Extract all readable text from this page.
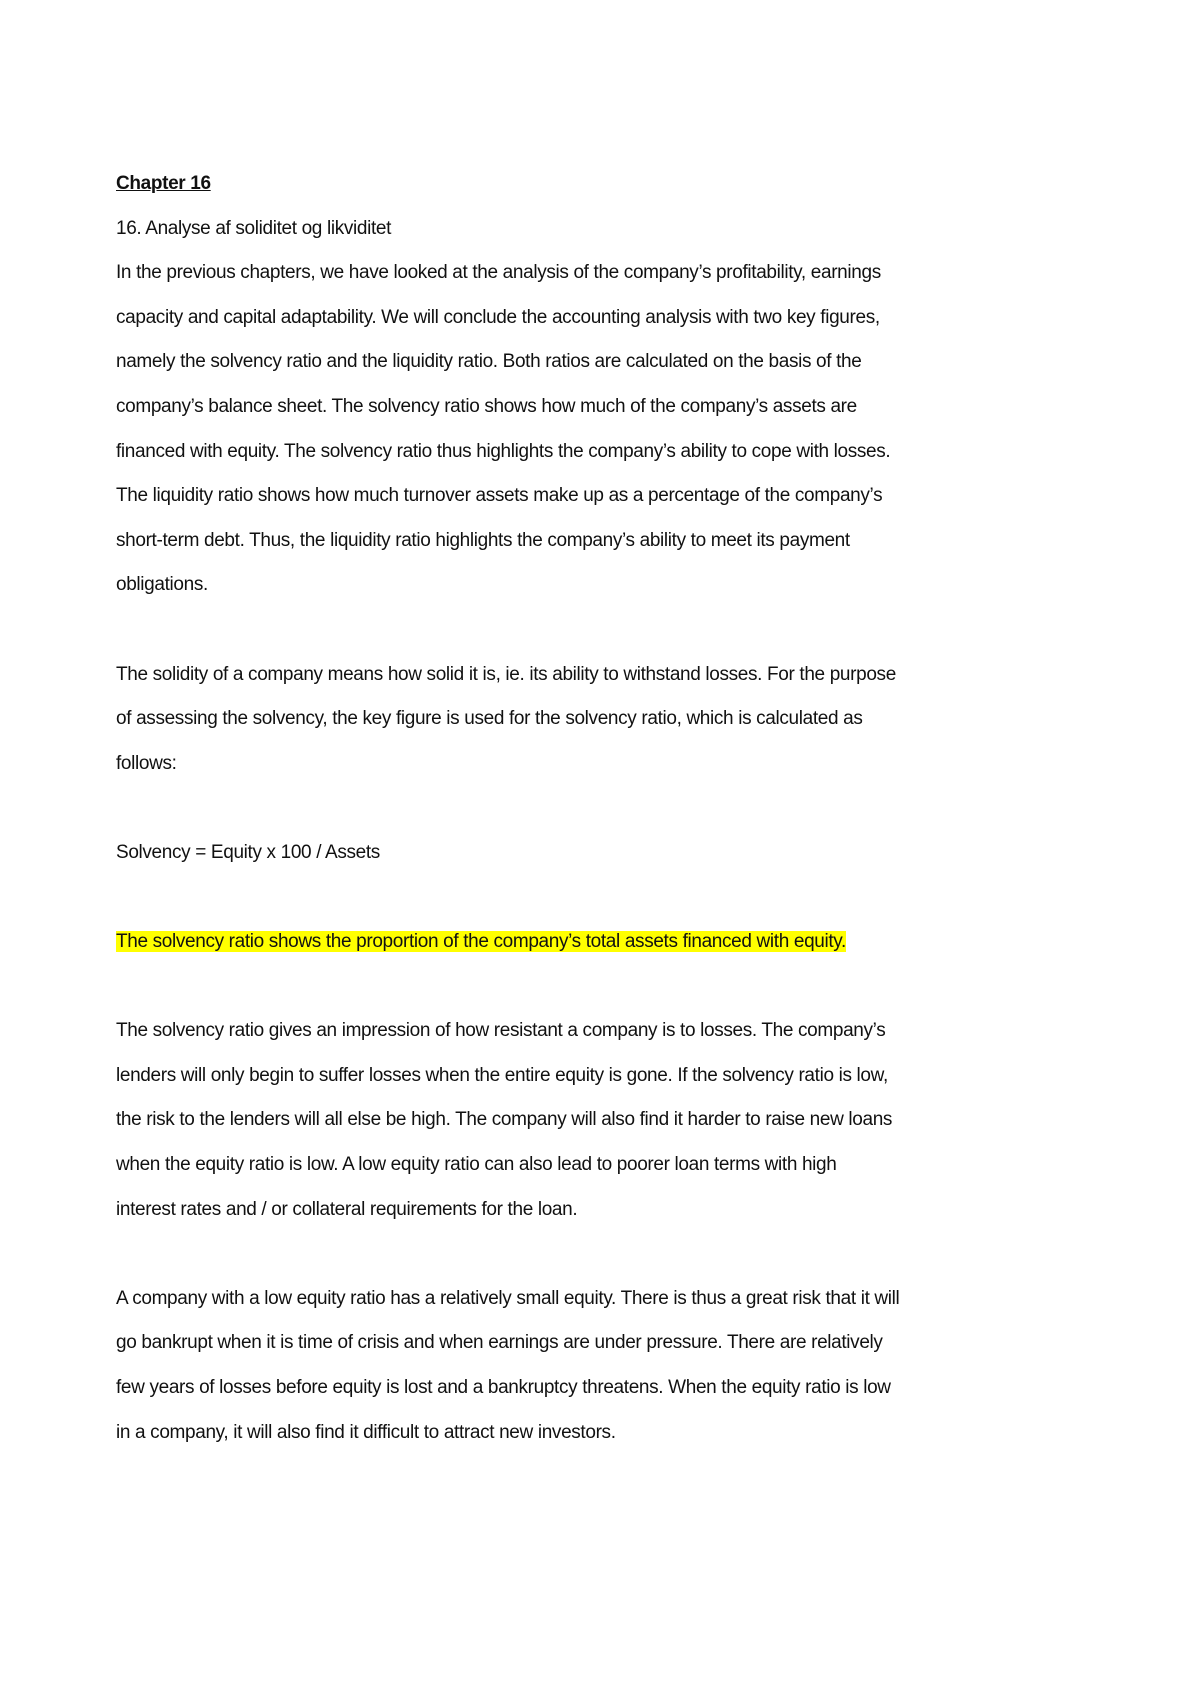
Chapter 16
16. Analyse af soliditet og likviditet
In the previous chapters, we have looked at the analysis of the company’s profitability, earnings
capacity and capital adaptability. We will conclude the accounting analysis with two key figures,
namely the solvency ratio and the liquidity ratio. Both ratios are calculated on the basis of the
company’s balance sheet. The solvency ratio shows how much of the company’s assets are
financed with equity. The solvency ratio thus highlights the company’s ability to cope with losses.
The liquidity ratio shows how much turnover assets make up as a percentage of the company’s
short-term debt. Thus, the liquidity ratio highlights the company’s ability to meet its payment
obligations.
The solidity of a company means how solid it is, ie. its ability to withstand losses. For the purpose
of assessing the solvency, the key figure is used for the solvency ratio, which is calculated as
follows:
Solvency = Equity x 100 / Assets
The solvency ratio shows the proportion of the company’s total assets financed with equity.
The solvency ratio gives an impression of how resistant a company is to losses. The company’s
lenders will only begin to suffer losses when the entire equity is gone. If the solvency ratio is low,
the risk to the lenders will all else be high. The company will also find it harder to raise new loans
when the equity ratio is low. A low equity ratio can also lead to poorer loan terms with high
interest rates and / or collateral requirements for the loan.
A company with a low equity ratio has a relatively small equity. There is thus a great risk that it will
go bankrupt when it is time of crisis and when earnings are under pressure. There are relatively
few years of losses before equity is lost and a bankruptcy threatens. When the equity ratio is low
in a company, it will also find it difficult to attract new investors.
